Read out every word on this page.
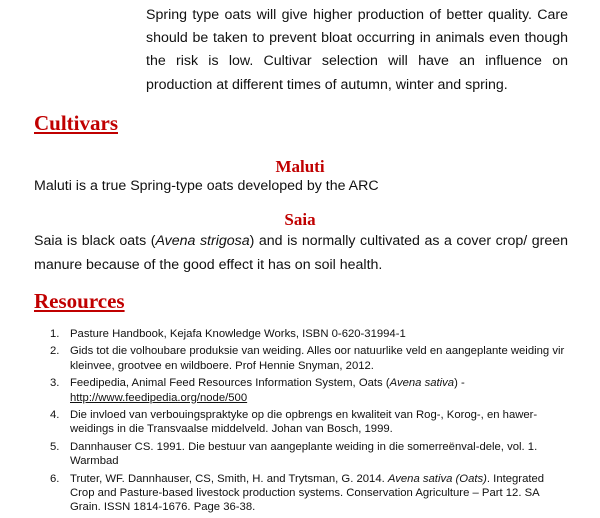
Spring type oats will give higher production of better quality. Care should be taken to prevent bloat occurring in animals even though the risk is low. Cultivar selection will have an influence on production at different times of autumn, winter and spring.

Cultivars
Maluti

Maluti is a true Spring-type oats developed by the ARC

Saia

Saia is black oats (Avena strigosa) and is normally cultivated as a cover crop/ green manure because of the good effect it has on soil health.

Resources
1. Pasture Handbook, Kejafa Knowledge Works, ISBN 0-620-31994-1
2. Gids tot die volhoubare produksie van weiding. Alles oor natuurlike veld en aangeplante weiding vir kleinvee, grootvee en wildboere. Prof Hennie Snyman, 2012.
3. Feedipedia, Animal Feed Resources Information System, Oats (Avena sativa) -
http://www.feedipedia.org/node/500
4. Die invloed van verbouingspraktyke op die opbrengs en kwaliteit van Rog-, Korog-, en hawer-weidings in die Transvaalse middelveld. Johan van Bosch, 1999.
5. Dannhauser CS. 1991. Die bestuur van aangeplante weiding in die somerreënval-dele, vol. 1. Warmbad
6. Truter, WF. Dannhauser, CS, Smith, H. and Trytsman, G. 2014. Avena sativa (Oats). Integrated Crop and Pasture-based livestock production systems. Conservation Agriculture – Part 12. SA Grain. ISSN 1814-1676. Page 36-38.
